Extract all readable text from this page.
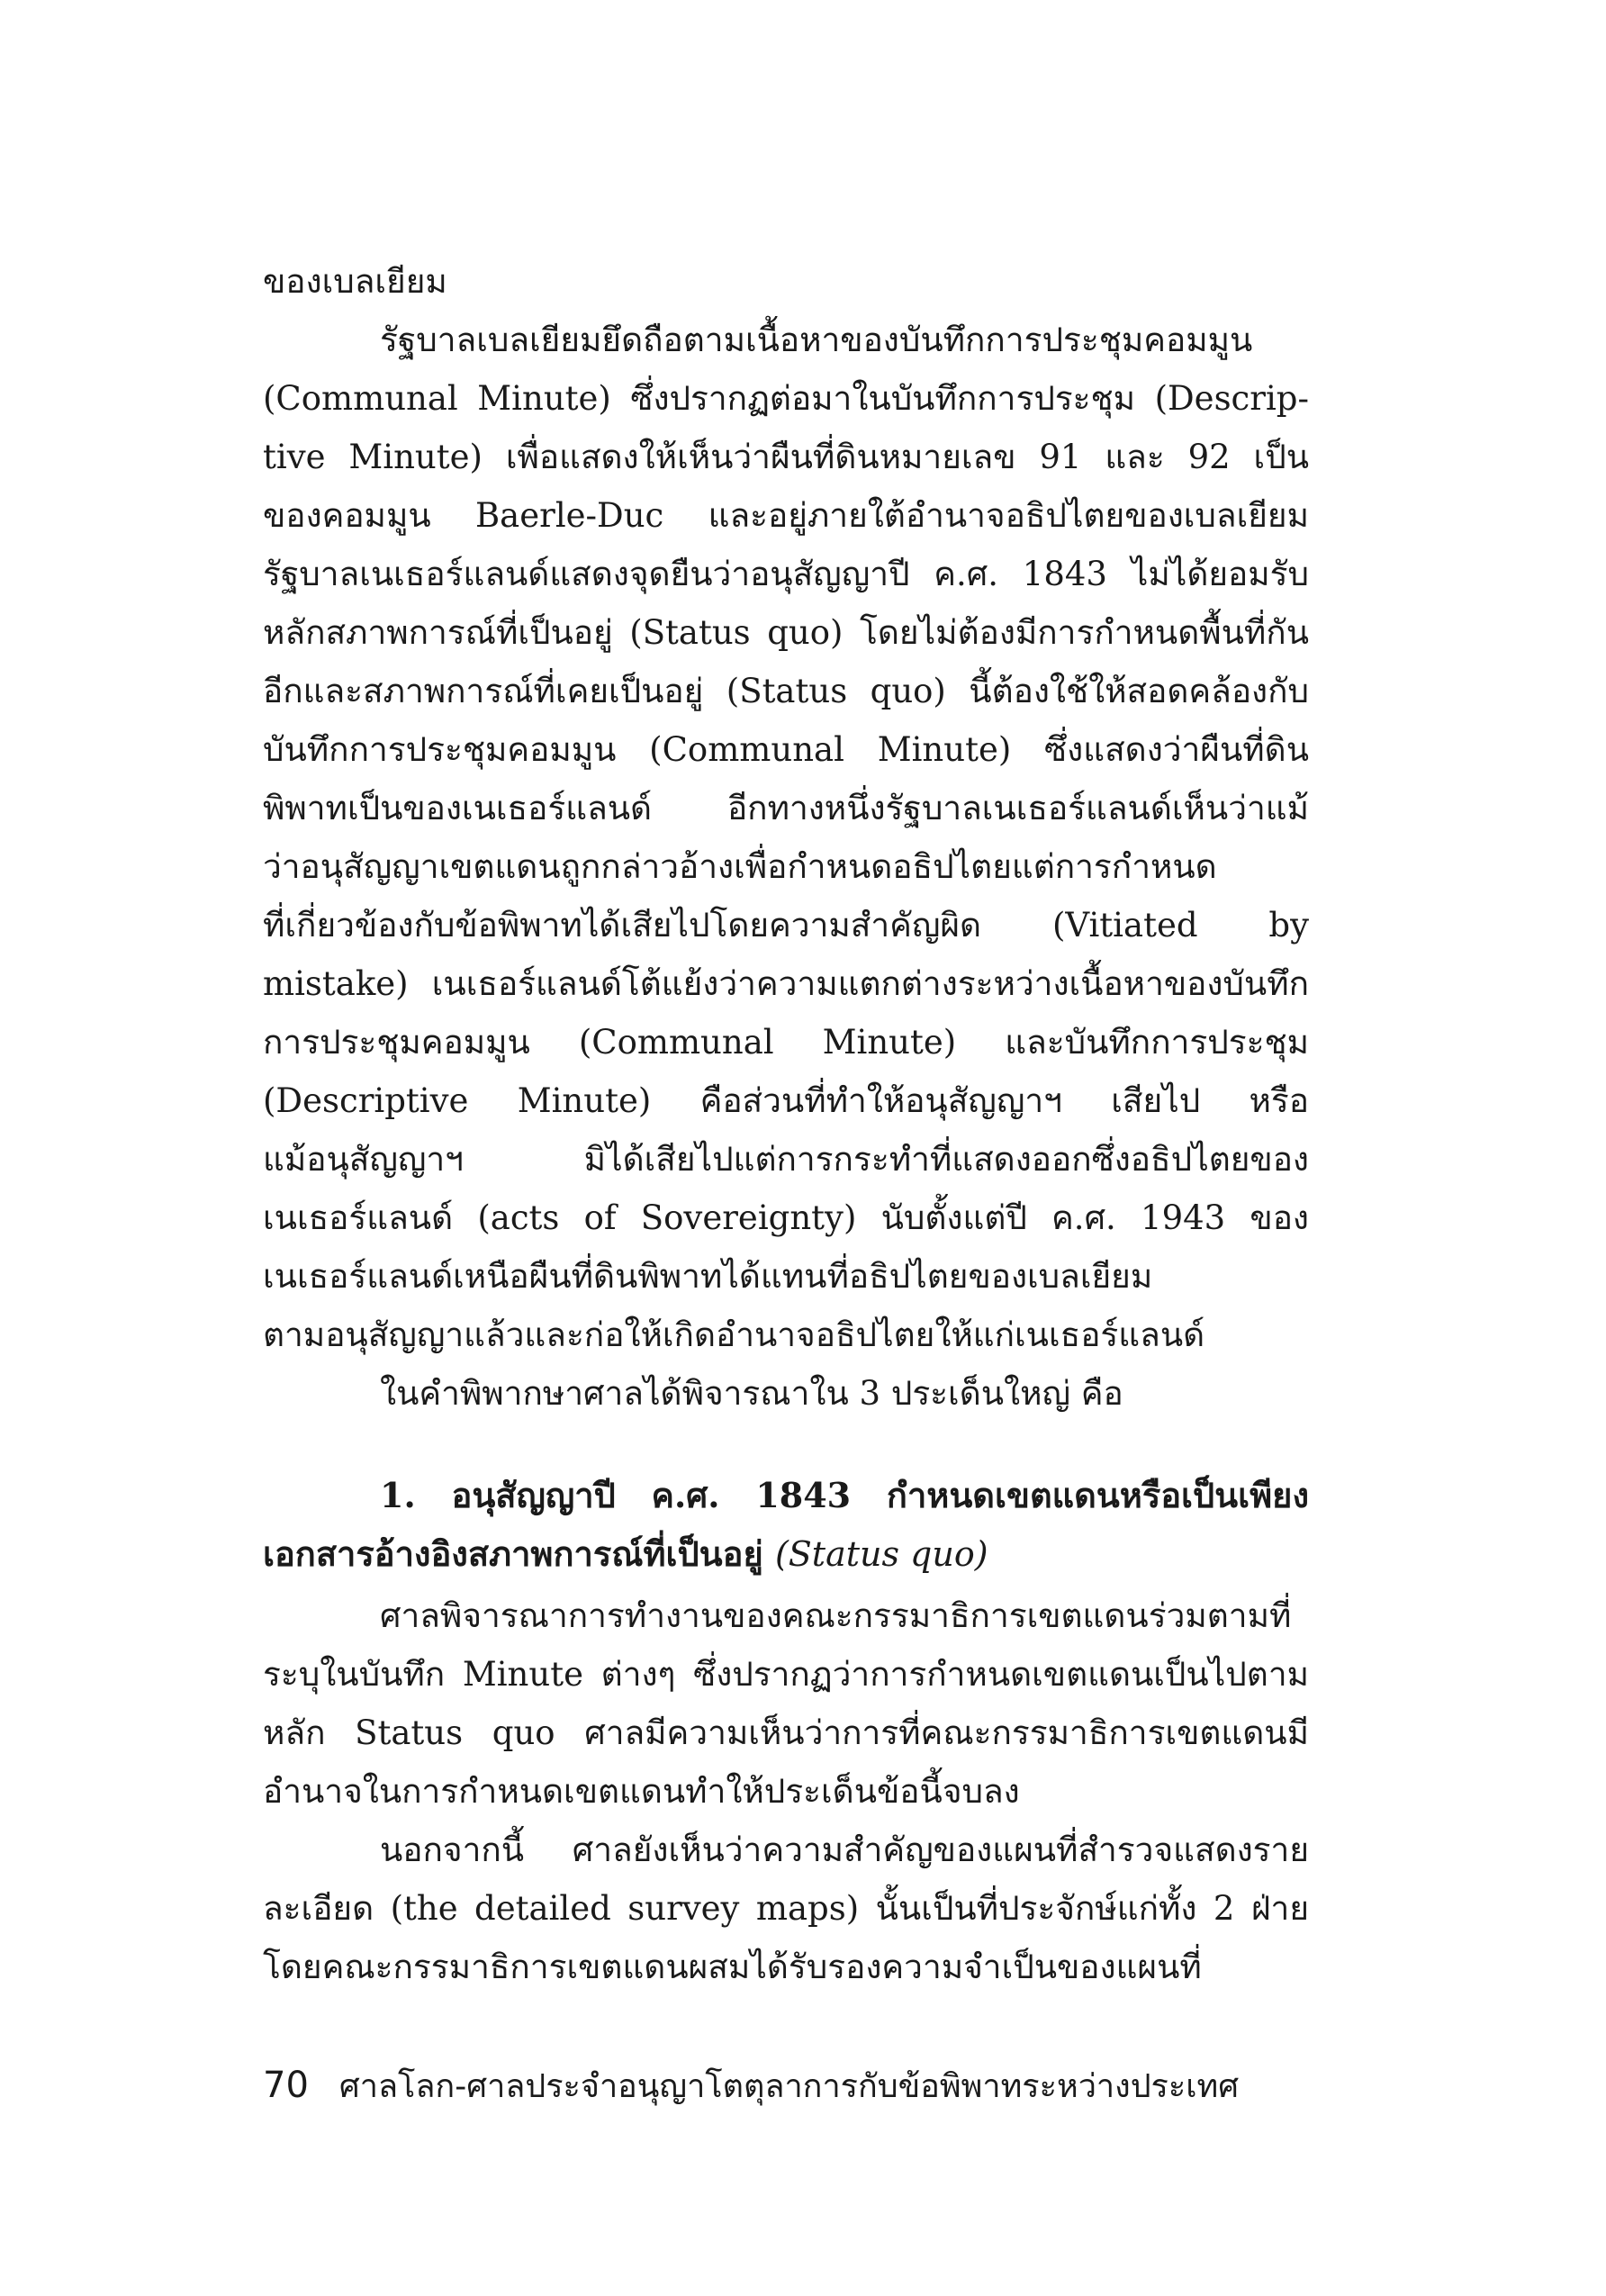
ของเบลเยียม
รัฐบาลเบลเยียมยึดถือตามเนื้อหาของบันทึกการประชุมคอมมูน
(Communal Minute) ซึ่งปรากฏต่อมาในบันทึกการประชุม (Descrip-
tive Minute) เพื่อแสดงให้เห็นว่าผืนที่ดินหมายเลข 91 และ 92 เป็น
ของคอมมูน Baerle-Duc และอยู่ภายใต้อำนาจอธิปไตยของเบลเยียม
รัฐบาลเนเธอร์แลนด์แสดงจุดยืนว่าอนุสัญญาปี ค.ศ. 1843 ไม่ได้ยอมรับ
หลักสภาพการณ์ที่เป็นอยู่ (Status quo) โดยไม่ต้องมีการกำหนดพื้นที่กัน
อีกและสภาพการณ์ที่เคยเป็นอยู่ (Status quo) นี้ต้องใช้ให้สอดคล้องกับ
บันทึกการประชุมคอมมูน (Communal Minute) ซึ่งแสดงว่าผืนที่ดิน
พิพาทเป็นของเนเธอร์แลนด์ อีกทางหนึ่งรัฐบาลเนเธอร์แลนด์เห็นว่าแม้
ว่าอนุสัญญาเขตแดนถูกกล่าวอ้างเพื่อกำหนดอธิปไตยแต่การกำหนด
ที่เกี่ยวข้องกับข้อพิพาทได้เสียไปโดยความสำคัญผิด (Vitiated by
mistake) เนเธอร์แลนด์โต้แย้งว่าความแตกต่างระหว่างเนื้อหาของบันทึก
การประชุมคอมมูน (Communal Minute) และบันทึกการประชุม
(Descriptive Minute) คือส่วนที่ทำให้อนุสัญญาฯ เสียไป หรือ
แม้อนุสัญญาฯ มิได้เสียไปแต่การกระทำที่แสดงออกซึ่งอธิปไตยของ
เนเธอร์แลนด์ (acts of Sovereignty) นับตั้งแต่ปี ค.ศ. 1943 ของ
เนเธอร์แลนด์เหนือผืนที่ดินพิพาทได้แทนที่อธิปไตยของเบลเยียม
ตามอนุสัญญาแล้วและก่อให้เกิดอำนาจอธิปไตยให้แก่เนเธอร์แลนด์
ในคำพิพากษาศาลได้พิจารณาใน 3 ประเด็นใหญ่ คือ
1. อนุสัญญาปี ค.ศ. 1843 กำหนดเขตแดนหรือเป็นเพียง
เอกสารอ้างอิงสภาพการณ์ที่เป็นอยู่ (Status quo)
ศาลพิจารณาการทำงานของคณะกรรมาธิการเขตแดนร่วมตามที่
ระบุในบันทึก Minute ต่างๆ ซึ่งปรากฏว่าการกำหนดเขตแดนเป็นไปตาม
หลัก Status quo ศาลมีความเห็นว่าการที่คณะกรรมาธิการเขตแดนมี
อำนาจในการกำหนดเขตแดนทำให้ประเด็นข้อนี้จบลง
นอกจากนี้ ศาลยังเห็นว่าความสำคัญของแผนที่สำรวจแสดงราย
ละเอียด (the detailed survey maps) นั้นเป็นที่ประจักษ์แก่ทั้ง 2 ฝ่าย
โดยคณะกรรมาธิการเขตแดนผสมได้รับรองความจำเป็นของแผนที่
70 ศาลโลก-ศาลประจำอนุญาโตตุลาการกับข้อพิพาทระหว่างประเทศ
